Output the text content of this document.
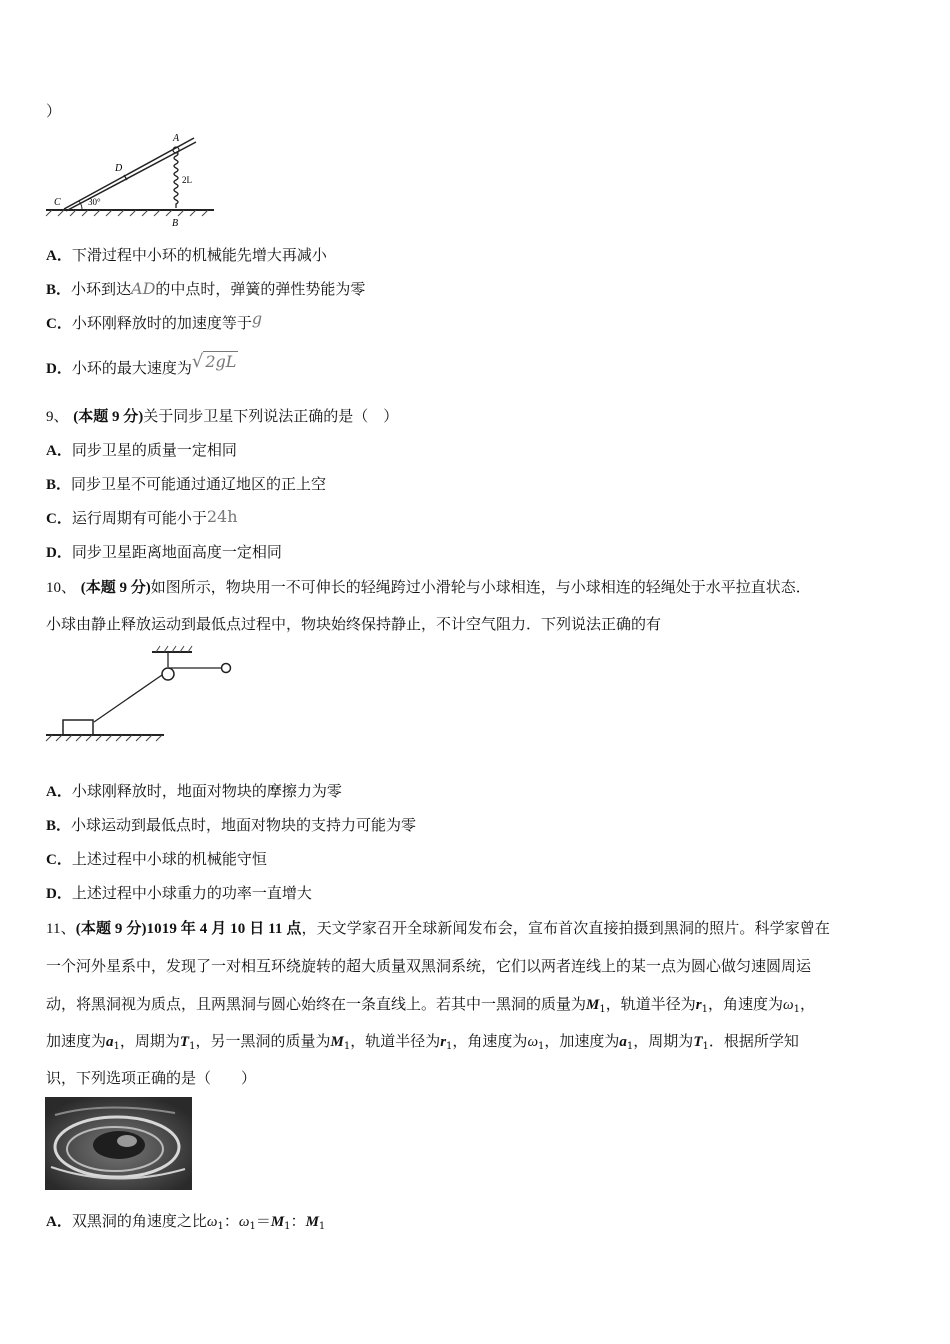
）
A
D
C	30°
2L
B
A．下滑过程中小环的机械能先增大再减小
B．小环到达AD的中点时，弹簧的弹性势能为零
C．小环刚释放时的加速度等于g
D．小环的最大速度为√ 2gL
9、 (本题 9 分)关于同步卫星下列说法正确的是（　）
A．同步卫星的质量一定相同
B．同步卫星不可能通过通辽地区的正上空
C．运行周期有可能小于24h
D．同步卫星距离地面高度一定相同
10、 (本题 9 分)如图所示，物块用一不可伸长的轻绳跨过小滑轮与小球相连，与小球相连的轻绳处于水平拉直状态．
小球由静止释放运动到最低点过程中，物块始终保持静止，不计空气阻力．下列说法正确的有
A．小球刚释放时，地面对物块的摩擦力为零
B．小球运动到最低点时，地面对物块的支持力可能为零
C．上述过程中小球的机械能守恒
D．上述过程中小球重力的功率一直增大
11、(本题 9 分)1019 年 4 月 10 日 11 点，天文学家召开全球新闻发布会，宣布首次直接拍摄到黑洞的照片。科学家曾在
一个河外星系中，发现了一对相互环绕旋转的超大质量双黑洞系统，它们以两者连线上的某一点为圆心做匀速圆周运
动，将黑洞视为质点，且两黑洞与圆心始终在一条直线上。若其中一黑洞的质量为$M_1$，轨道半径为$r_1$，角速度为$\omega_1$，
加速度为$a_1$，周期为$T_1$，另一黑洞的质量为$M_1$，轨道半径为$r_1$，角速度为$\omega_1$，加速度为$a_1$，周期为$T_1$．根据所学知
识，下列选项正确的是（　　）
A．双黑洞的角速度之比$\omega_1$：$\omega_1=M_1$：$M_1$
